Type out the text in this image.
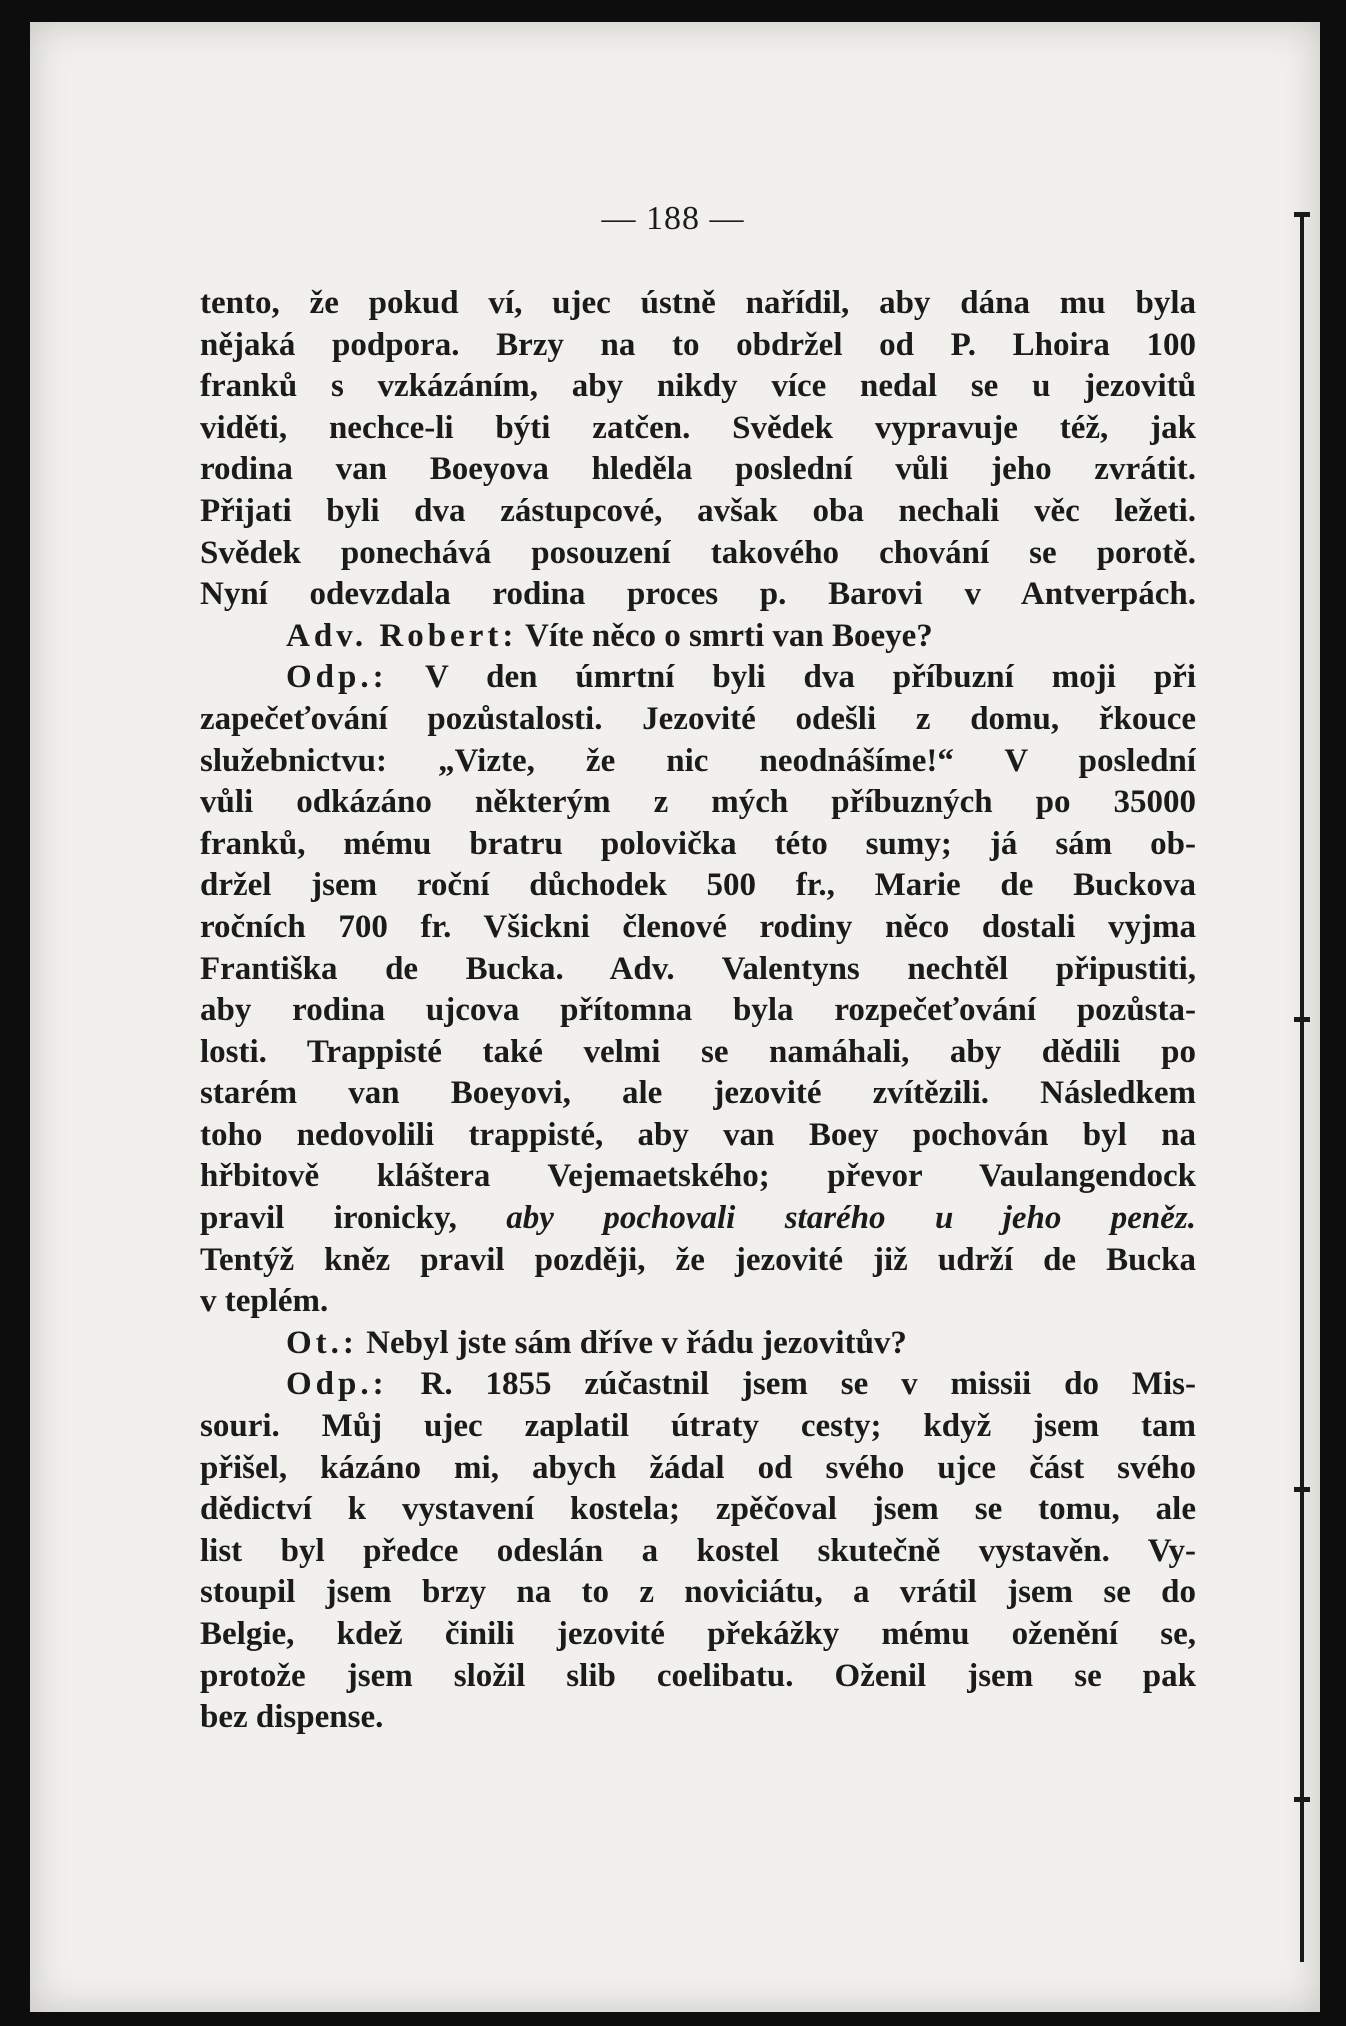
— 188 —
tento, že pokud ví, ujec ústně nařídil, aby dána mu byla
nějaká podpora. Brzy na to obdržel od P. Lhoira 100
franků s vzkázáním, aby nikdy více nedal se u jezovitů
viděti, nechce-li býti zatčen. Svědek vypravuje též, jak
rodina van Boeyova hleděla poslední vůli jeho zvrátit.
Přijati byli dva zástupcové, avšak oba nechali věc ležeti.
Svědek ponechává posouzení takového chování se porotě.
Nyní odevzdala rodina proces p. Barovi v Antverpách.
Adv. Robert: Víte něco o smrti van Boeye?
Odp.: V den úmrtní byli dva příbuzní moji při
zapečeťování pozůstalosti. Jezovité odešli z domu, řkouce
služebnictvu: „Vizte, že nic neodnášíme!“ V poslední
vůli odkázáno některým z mých příbuzných po 35000
franků, mému bratru polovička této sumy; já sám ob-
držel jsem roční důchodek 500 fr., Marie de Buckova
ročních 700 fr. Všickni členové rodiny něco dostali vyjma
Františka de Bucka. Adv. Valentyns nechtěl připustiti,
aby rodina ujcova přítomna byla rozpečeťování pozůsta-
losti. Trappisté také velmi se namáhali, aby dědili po
starém van Boeyovi, ale jezovité zvítězili. Následkem
toho nedovolili trappisté, aby van Boey pochován byl na
hřbitově kláštera Vejemaetského; převor Vaulangendock
pravil ironicky, aby pochovali starého u jeho peněz.
Tentýž kněz pravil později, že jezovité již udrží de Bucka
v teplém.
Ot.: Nebyl jste sám dříve v řádu jezovitův?
Odp.: R. 1855 zúčastnil jsem se v missii do Mis-
souri. Můj ujec zaplatil útraty cesty; když jsem tam
přišel, kázáno mi, abych žádal od svého ujce část svého
dědictví k vystavení kostela; zpěčoval jsem se tomu, ale
list byl předce odeslán a kostel skutečně vystavěn. Vy-
stoupil jsem brzy na to z noviciátu, a vrátil jsem se do
Belgie, kdež činili jezovité překážky mému oženění se,
protože jsem složil slib coelibatu. Oženil jsem se pak
bez dispense.
